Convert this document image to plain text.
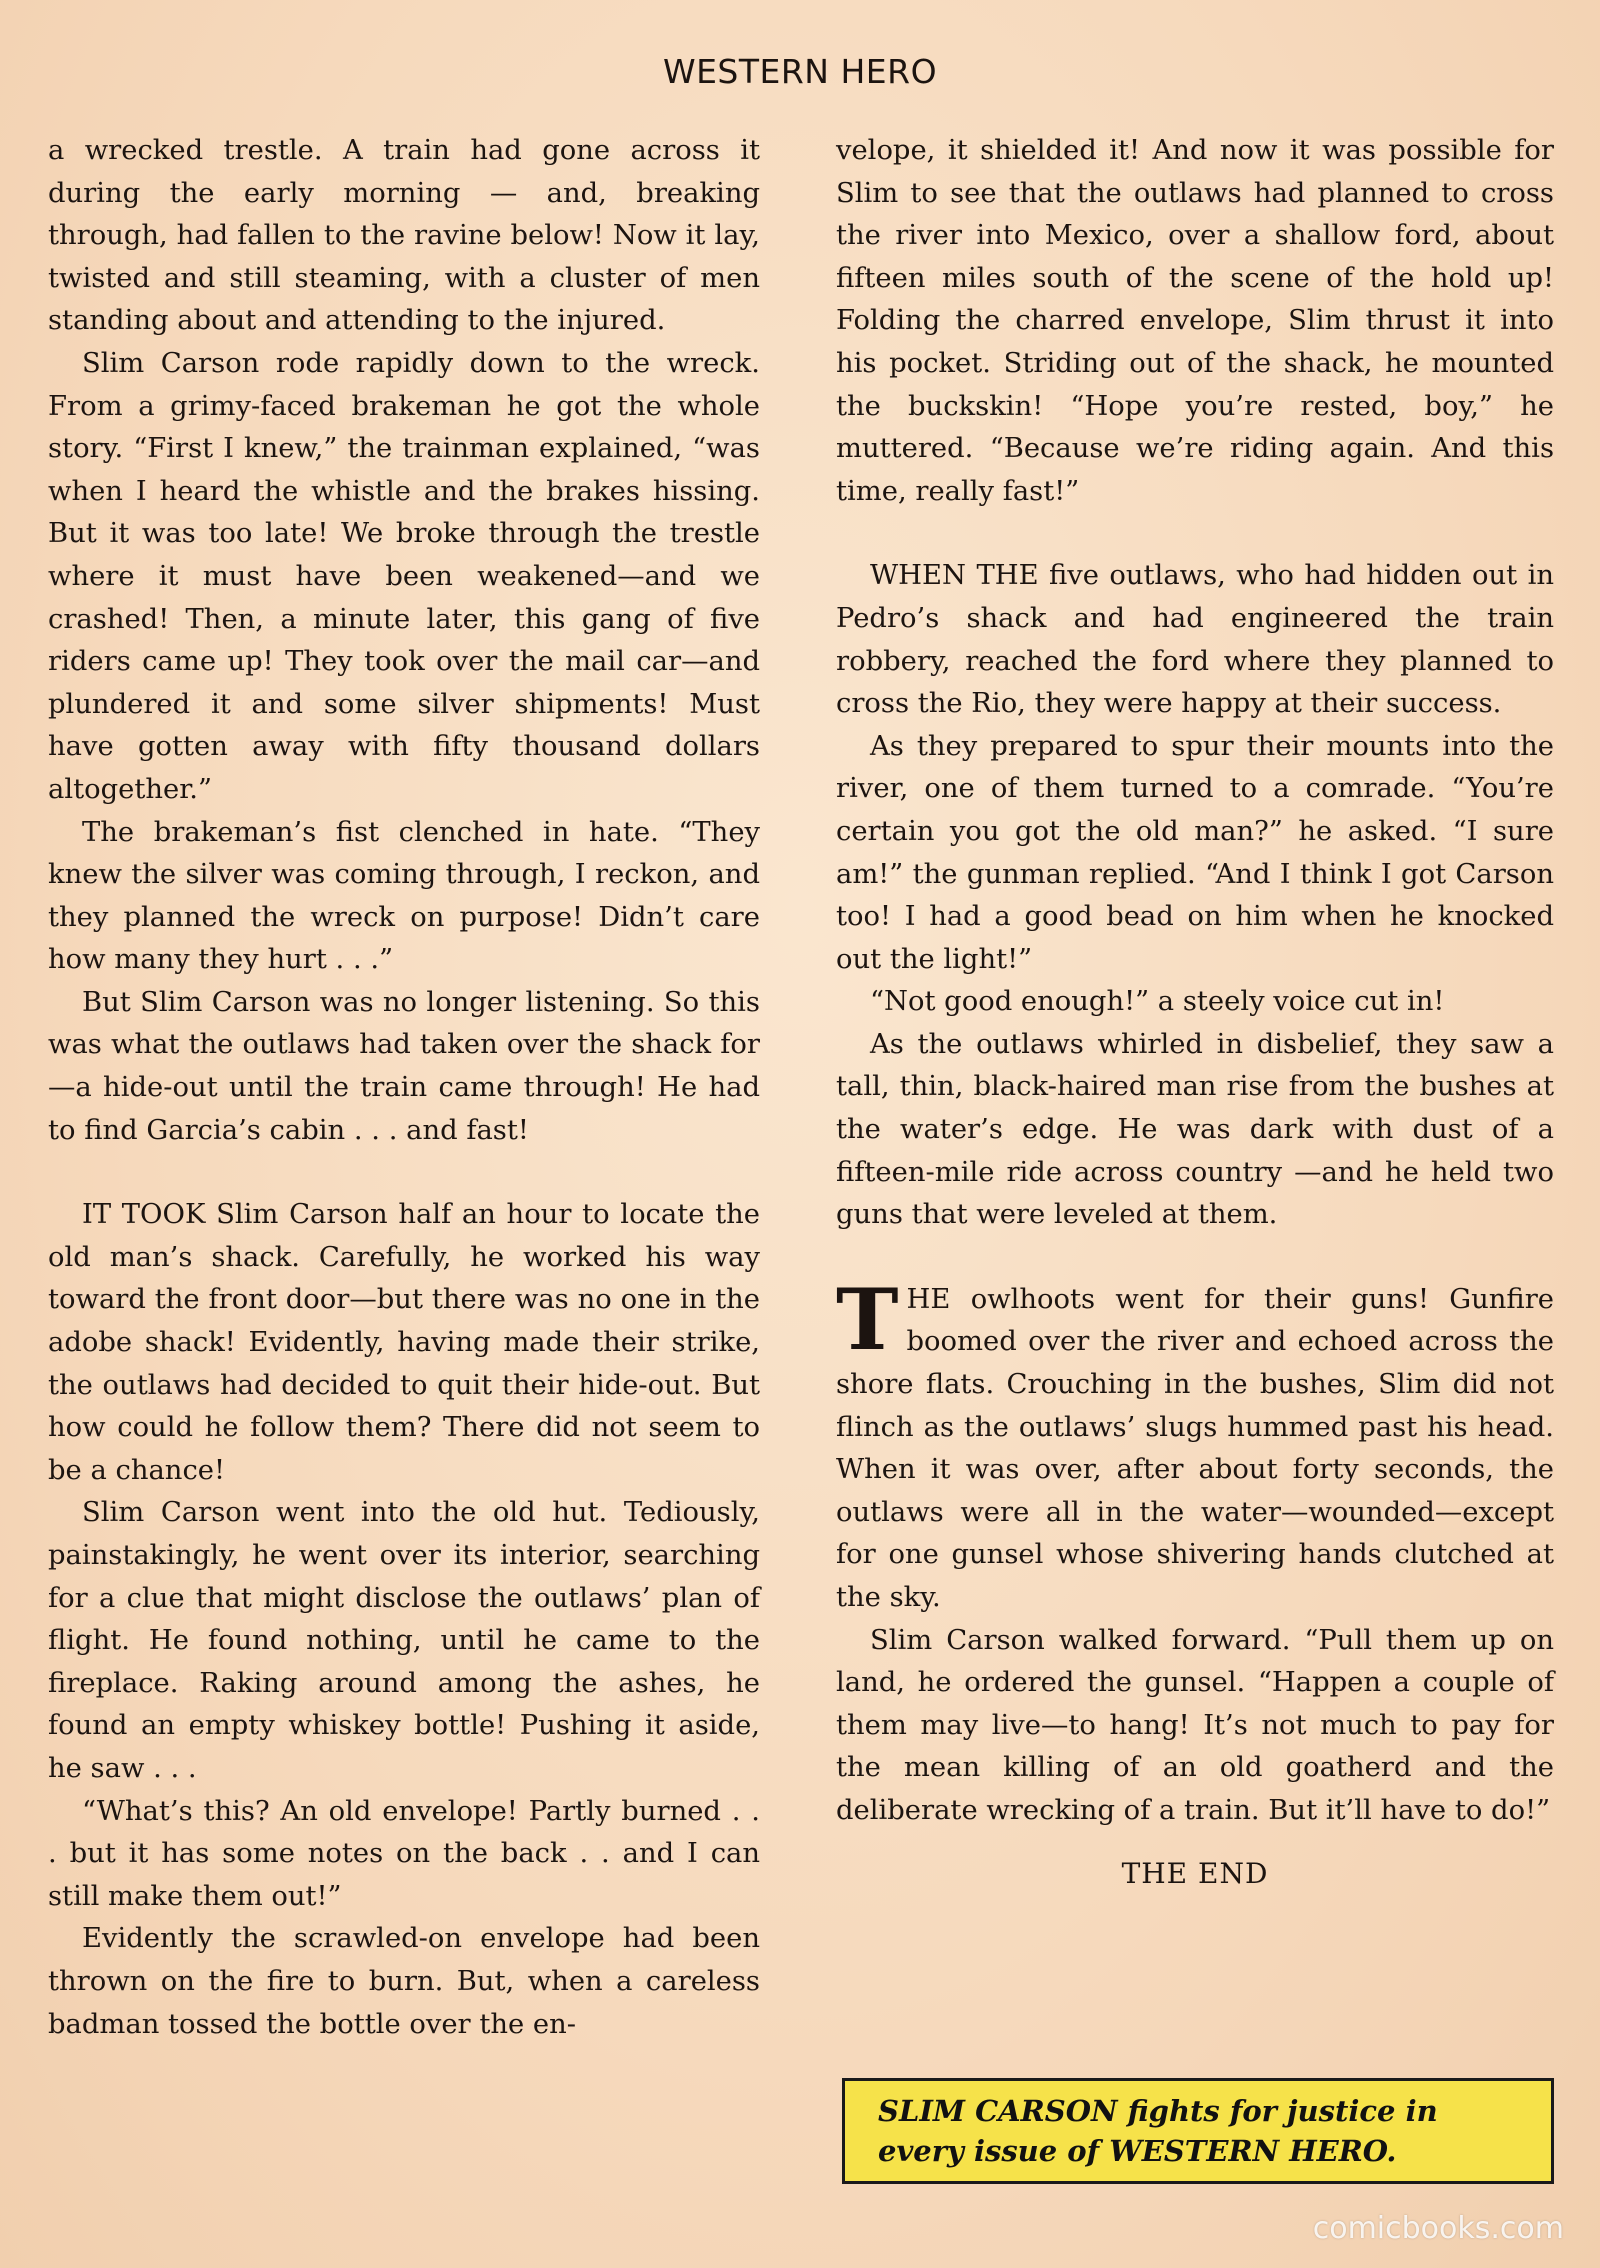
WESTERN HERO

a wrecked trestle. A train had gone across it during the early morning — and, breaking through, had fallen to the ravine below! Now it lay, twisted and still steaming, with a cluster of men standing about and attending to the injured.

Slim Carson rode rapidly down to the wreck. From a grimy-faced brakeman he got the whole story. “First I knew,” the trainman explained, “was when I heard the whistle and the brakes hissing. But it was too late! We broke through the trestle where it must have been weakened—and we crashed! Then, a minute later, this gang of five riders came up! They took over the mail car—and plundered it and some silver shipments! Must have gotten away with fifty thousand dollars altogether.”

The brakeman’s fist clenched in hate. “They knew the silver was coming through, I reckon, and they planned the wreck on purpose! Didn’t care how many they hurt . . .”

But Slim Carson was no longer listening. So this was what the outlaws had taken over the shack for—a hide-out until the train came through! He had to find Garcia’s cabin . . . and fast!

IT TOOK Slim Carson half an hour to locate the old man’s shack. Carefully, he worked his way toward the front door—but there was no one in the adobe shack! Evidently, having made their strike, the outlaws had decided to quit their hide-out. But how could he follow them? There did not seem to be a chance!

Slim Carson went into the old hut. Tediously, painstakingly, he went over its interior, searching for a clue that might disclose the outlaws’ plan of flight. He found nothing, until he came to the fireplace. Raking around among the ashes, he found an empty whiskey bottle! Pushing it aside, he saw . . .

“What’s this? An old envelope! Partly burned . . . but it has some notes on the back . . and I can still make them out!”

Evidently the scrawled-on envelope had been thrown on the fire to burn. But, when a careless badman tossed the bottle over the en-

velope, it shielded it! And now it was possible for Slim to see that the outlaws had planned to cross the river into Mexico, over a shallow ford, about fifteen miles south of the scene of the hold up! Folding the charred envelope, Slim thrust it into his pocket. Striding out of the shack, he mounted the buckskin! “Hope you’re rested, boy,” he muttered. “Because we’re riding again. And this time, really fast!”

WHEN THE five outlaws, who had hidden out in Pedro’s shack and had engineered the train robbery, reached the ford where they planned to cross the Rio, they were happy at their success.

As they prepared to spur their mounts into the river, one of them turned to a comrade. “You’re certain you got the old man?” he asked. “I sure am!” the gunman replied. “And I think I got Carson too! I had a good bead on him when he knocked out the light!”

“Not good enough!” a steely voice cut in!

As the outlaws whirled in disbelief, they saw a tall, thin, black-haired man rise from the bushes at the water’s edge. He was dark with dust of a fifteen-mile ride across country —and he held two guns that were leveled at them.

THE owlhoots went for their guns! Gunfire boomed over the river and echoed across the shore flats. Crouching in the bushes, Slim did not flinch as the outlaws’ slugs hummed past his head. When it was over, after about forty seconds, the outlaws were all in the water—wounded—except for one gunsel whose shivering hands clutched at the sky.

Slim Carson walked forward. “Pull them up on land, he ordered the gunsel. “Happen a couple of them may live—to hang! It’s not much to pay for the mean killing of an old goatherd and the deliberate wrecking of a train. But it’ll have to do!”

THE END
SLIM CARSON fights for justice in every issue of WESTERN HERO.
comicbooks.com
